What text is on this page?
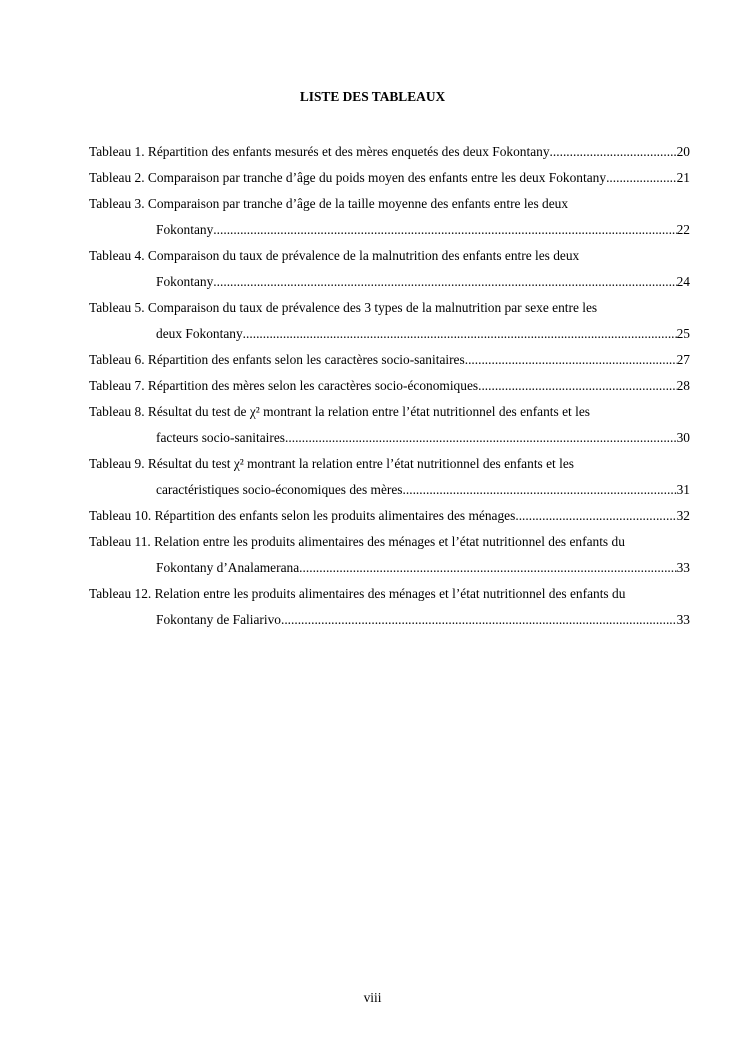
LISTE DES TABLEAUX
Tableau 1. Répartition des enfants mesurés et des mères enquetés des deux Fokontany .....	20
Tableau 2. Comparaison par tranche d’âge du poids moyen des enfants entre les deux Fokontany .....	21
Tableau 3. Comparaison par tranche d’âge de la taille moyenne des enfants entre les deux
Fokontany .....	22
Tableau 4. Comparaison du taux de prévalence de la malnutrition des enfants entre les deux
Fokontany .....	24
Tableau 5. Comparaison du taux de prévalence des 3 types de la malnutrition par sexe entre les
deux Fokontany .....	25
Tableau 6. Répartition des enfants selon les caractères socio-sanitaires .....	27
Tableau 7. Répartition des mères selon les caractères socio-économiques .....	28
Tableau 8. Résultat du test de χ² montrant la relation entre l’état nutritionnel des enfants et les
facteurs socio-sanitaires .....	30
Tableau 9. Résultat du test χ² montrant la relation entre l’état nutritionnel des enfants et les
caractéristiques socio-économiques des mères .....	31
Tableau 10. Répartition des enfants selon les produits alimentaires des ménages .....	32
Tableau 11. Relation entre les produits alimentaires des ménages et l’état nutritionnel des enfants du
Fokontany d’Analamerana .....	33
Tableau 12. Relation entre les produits alimentaires des ménages et l’état nutritionnel des enfants du
Fokontany de Faliarivo .....	33
viii
